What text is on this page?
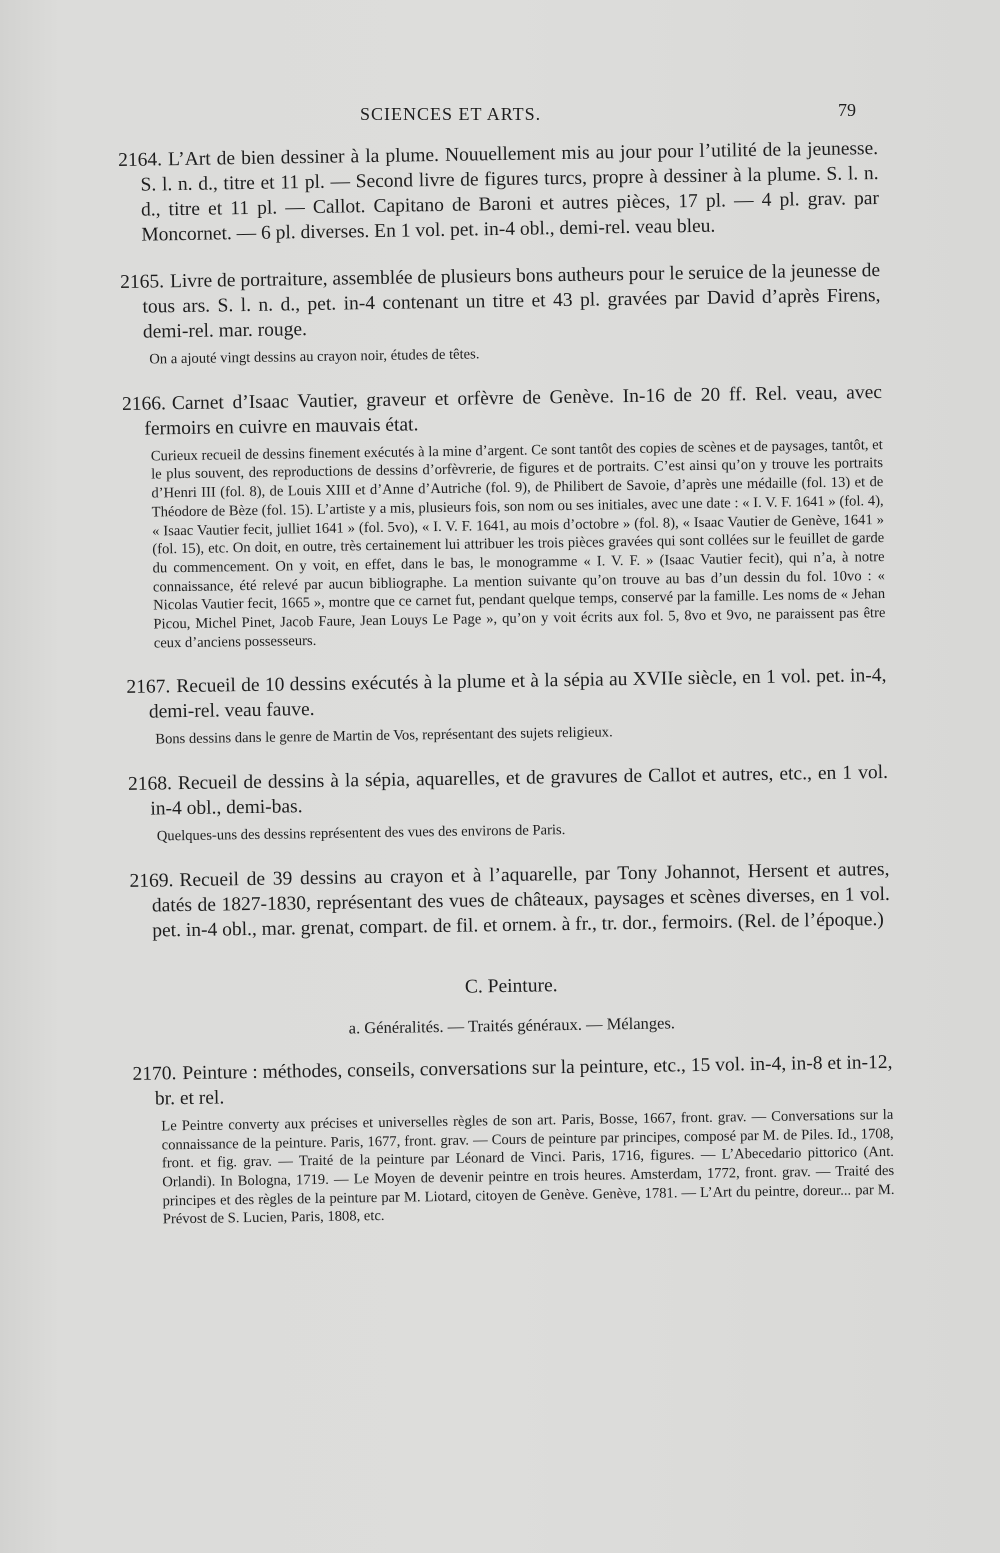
SCIENCES ET ARTS.	79
2164. L’Art de bien dessiner à la plume. Nouuellement mis au jour pour l’utilité de la jeunesse. S. l. n. d., titre et 11 pl. — Second livre de figures turcs, propre à dessiner à la plume. S. l. n. d., titre et 11 pl. — Callot. Capitano de Baroni et autres pièces, 17 pl. — 4 pl. grav. par Moncornet. — 6 pl. diverses. En 1 vol. pet. in-4 obl., demi-rel. veau bleu.
2165. Livre de portraiture, assemblée de plusieurs bons autheurs pour le seruice de la jeunesse de tous ars. S. l. n. d., pet. in-4 contenant un titre et 43 pl. gravées par David d’après Firens, demi-rel. mar. rouge.
On a ajouté vingt dessins au crayon noir, études de têtes.
2166. Carnet d’Isaac Vautier, graveur et orfèvre de Genève. In-16 de 20 ff. Rel. veau, avec fermoirs en cuivre en mauvais état.
Curieux recueil de dessins finement exécutés à la mine d’argent. Ce sont tantôt des copies de scènes et de paysages, tantôt, et le plus souvent, des reproductions de dessins d’orfèvrerie, de figures et de portraits. C’est ainsi qu’on y trouve les portraits d’Henri III (fol. 8), de Louis XIII et d’Anne d’Autriche (fol. 9), de Philibert de Savoie, d’après une médaille (fol. 13) et de Théodore de Bèze (fol. 15). L’artiste y a mis, plusieurs fois, son nom ou ses initiales, avec une date : « I. V. F. 1641 » (fol. 4), « Isaac Vautier fecit, julliet 1641 » (fol. 5vo), « I. V. F. 1641, au mois d’octobre » (fol. 8), « Isaac Vautier de Genève, 1641 » (fol. 15), etc. On doit, en outre, très certainement lui attribuer les trois pièces gravées qui sont collées sur le feuillet de garde du commencement. On y voit, en effet, dans le bas, le monogramme « I. V. F. » (Isaac Vautier fecit), qui n’a, à notre connaissance, été relevé par aucun bibliographe. La mention suivante qu’on trouve au bas d’un dessin du fol. 10vo : « Nicolas Vautier fecit, 1665 », montre que ce carnet fut, pendant quelque temps, conservé par la famille. Les noms de « Jehan Picou, Michel Pinet, Jacob Faure, Jean Louys Le Page », qu’on y voit écrits aux fol. 5, 8vo et 9vo, ne paraissent pas être ceux d’anciens possesseurs.
2167. Recueil de 10 dessins exécutés à la plume et à la sépia au XVIIe siècle, en 1 vol. pet. in-4, demi-rel. veau fauve.
Bons dessins dans le genre de Martin de Vos, représentant des sujets religieux.
2168. Recueil de dessins à la sépia, aquarelles, et de gravures de Callot et autres, etc., en 1 vol. in-4 obl., demi-bas.
Quelques-uns des dessins représentent des vues des environs de Paris.
2169. Recueil de 39 dessins au crayon et à l’aquarelle, par Tony Johannot, Hersent et autres, datés de 1827-1830, représentant des vues de châteaux, paysages et scènes diverses, en 1 vol. pet. in-4 obl., mar. grenat, compart. de fil. et ornem. à fr., tr. dor., fermoirs. (Rel. de l’époque.)
C. Peinture.
a. Généralités. — Traités généraux. — Mélanges.
2170. Peinture : méthodes, conseils, conversations sur la peinture, etc., 15 vol. in-4, in-8 et in-12, br. et rel.
Le Peintre converty aux précises et universelles règles de son art. Paris, Bosse, 1667, front. grav. — Conversations sur la connaissance de la peinture. Paris, 1677, front. grav. — Cours de peinture par principes, composé par M. de Piles. Id., 1708, front. et fig. grav. — Traité de la peinture par Léonard de Vinci. Paris, 1716, figures. — L’Abecedario pittorico (Ant. Orlandi). In Bologna, 1719. — Le Moyen de devenir peintre en trois heures. Amsterdam, 1772, front. grav. — Traité des principes et des règles de la peinture par M. Liotard, citoyen de Genève. Genève, 1781. — L’Art du peintre, doreur... par M. Prévost de S. Lucien, Paris, 1808, etc.
